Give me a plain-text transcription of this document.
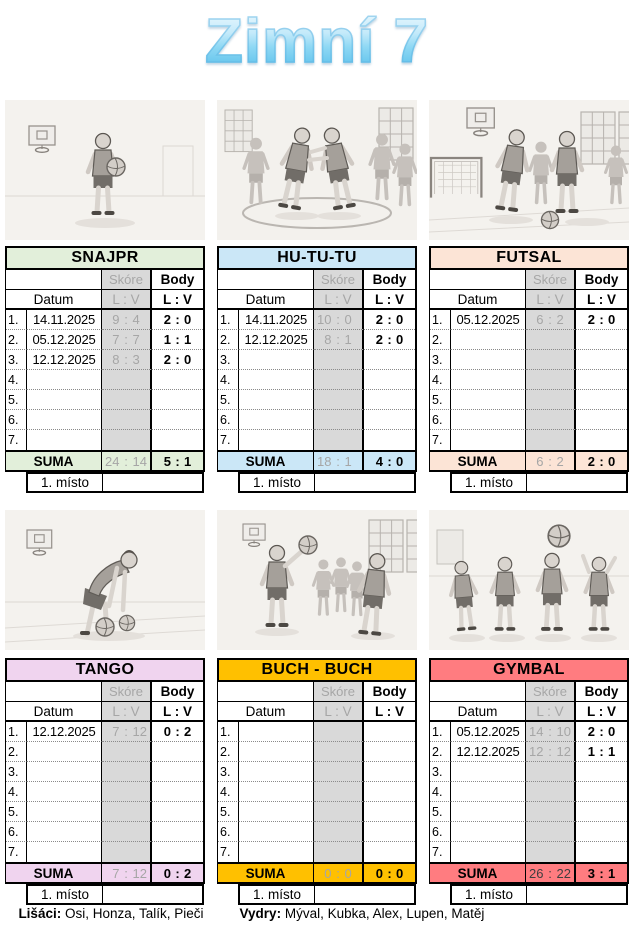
Zimní 7
SNAJPR
Skóre	Body
Datum	L : V	L : V
1.	14.11.2025	9 : 4	2 : 0
2.	05.12.2025	7 : 7	1 : 1
3.	12.12.2025	8 : 3	2 : 0
4.
5.
6.
7.
SUMA	24 : 14	5 : 1
1. místo
HU-TU-TU
Skóre	Body
Datum	L : V	L : V
1.	14.11.2025 10 : 0	2 : 0
2.	12.12.2025	8 : 1	2 : 0
3.
4.
5.
6.
7.
SUMA	18 : 1	4 : 0
1. místo
FUTSAL
Skóre	Body
Datum	L : V	L : V
1.	05.12.2025	6 : 2	2 : 0
2.
3.
4.
5.
6.
7.
SUMA	6 : 2	2 : 0
1. místo
TANGO
Skóre	Body
Datum	L : V	L : V
1.	12.12.2025	7 : 12	0 : 2
2.
3.
4.
5.
6.
7.
SUMA	7 : 12	0 : 2
1. místo
BUCH - BUCH
Skóre	Body
Datum	L : V	L : V
1.
2.
3.
4.
5.
6.
7.
SUMA	0 : 0	0 : 0
1. místo
GYMBAL
Skóre	Body
Datum	L : V	L : V
1.	05.12.2025 14 : 10	2 : 0
2.	12.12.2025 12 : 12	1 : 1
3.
4.
5.
6.
7.
SUMA	26 : 22	3 : 1
1. místo
Lišáci: Osi, Honza, Talík, Pieči	Vydry: Mýval, Kubka, Alex, Lupen, Matěj
